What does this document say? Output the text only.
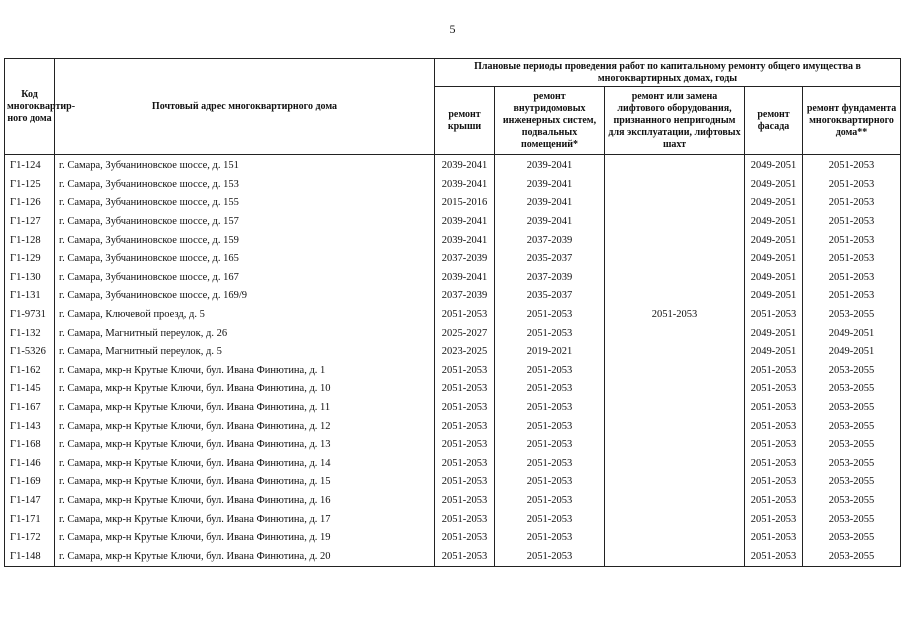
5
Код многоквартир-ного дома	Почтовый адрес многоквартирного дома	Плановые периоды проведения работ по капитальному ремонту общего имущества в многоквартирных домах, годы				
		ремонт крыши	ремонт внутридомовых инженерных систем, подвальных помещений*	ремонт или замена лифтового оборудования, признанного непригодным для эксплуатации, лифтовых шахт	ремонт фасада	ремонт фундамента многоквартирного дома**
Г1-124	г. Самара, Зубчаниновское шоссе, д. 151	2039-2041	2039-2041		2049-2051	2051-2053
Г1-125	г. Самара, Зубчаниновское шоссе, д. 153	2039-2041	2039-2041		2049-2051	2051-2053
Г1-126	г. Самара, Зубчаниновское шоссе, д. 155	2015-2016	2039-2041		2049-2051	2051-2053
Г1-127	г. Самара, Зубчаниновское шоссе, д. 157	2039-2041	2039-2041		2049-2051	2051-2053
Г1-128	г. Самара, Зубчаниновское шоссе, д. 159	2039-2041	2037-2039		2049-2051	2051-2053
Г1-129	г. Самара, Зубчаниновское шоссе, д. 165	2037-2039	2035-2037		2049-2051	2051-2053
Г1-130	г. Самара, Зубчаниновское шоссе, д. 167	2039-2041	2037-2039		2049-2051	2051-2053
Г1-131	г. Самара, Зубчаниновское шоссе, д. 169/9	2037-2039	2035-2037		2049-2051	2051-2053
Г1-9731	г. Самара, Ключевой проезд, д. 5	2051-2053	2051-2053	2051-2053	2051-2053	2053-2055
Г1-132	г. Самара, Магнитный переулок, д. 26	2025-2027	2051-2053		2049-2051	2049-2051
Г1-5326	г. Самара, Магнитный переулок, д. 5	2023-2025	2019-2021		2049-2051	2049-2051
Г1-162	г. Самара, мкр-н Крутые Ключи, бул. Ивана Финютина, д. 1	2051-2053	2051-2053		2051-2053	2053-2055
Г1-145	г. Самара, мкр-н Крутые Ключи, бул. Ивана Финютина, д. 10	2051-2053	2051-2053		2051-2053	2053-2055
Г1-167	г. Самара, мкр-н Крутые Ключи, бул. Ивана Финютина, д. 11	2051-2053	2051-2053		2051-2053	2053-2055
Г1-143	г. Самара, мкр-н Крутые Ключи, бул. Ивана Финютина, д. 12	2051-2053	2051-2053		2051-2053	2053-2055
Г1-168	г. Самара, мкр-н Крутые Ключи, бул. Ивана Финютина, д. 13	2051-2053	2051-2053		2051-2053	2053-2055
Г1-146	г. Самара, мкр-н Крутые Ключи, бул. Ивана Финютина, д. 14	2051-2053	2051-2053		2051-2053	2053-2055
Г1-169	г. Самара, мкр-н Крутые Ключи, бул. Ивана Финютина, д. 15	2051-2053	2051-2053		2051-2053	2053-2055
Г1-147	г. Самара, мкр-н Крутые Ключи, бул. Ивана Финютина, д. 16	2051-2053	2051-2053		2051-2053	2053-2055
Г1-171	г. Самара, мкр-н Крутые Ключи, бул. Ивана Финютина, д. 17	2051-2053	2051-2053		2051-2053	2053-2055
Г1-172	г. Самара, мкр-н Крутые Ключи, бул. Ивана Финютина, д. 19	2051-2053	2051-2053		2051-2053	2053-2055
Г1-148	г. Самара, мкр-н Крутые Ключи, бул. Ивана Финютина, д. 20	2051-2053	2051-2053		2051-2053	2053-2055
